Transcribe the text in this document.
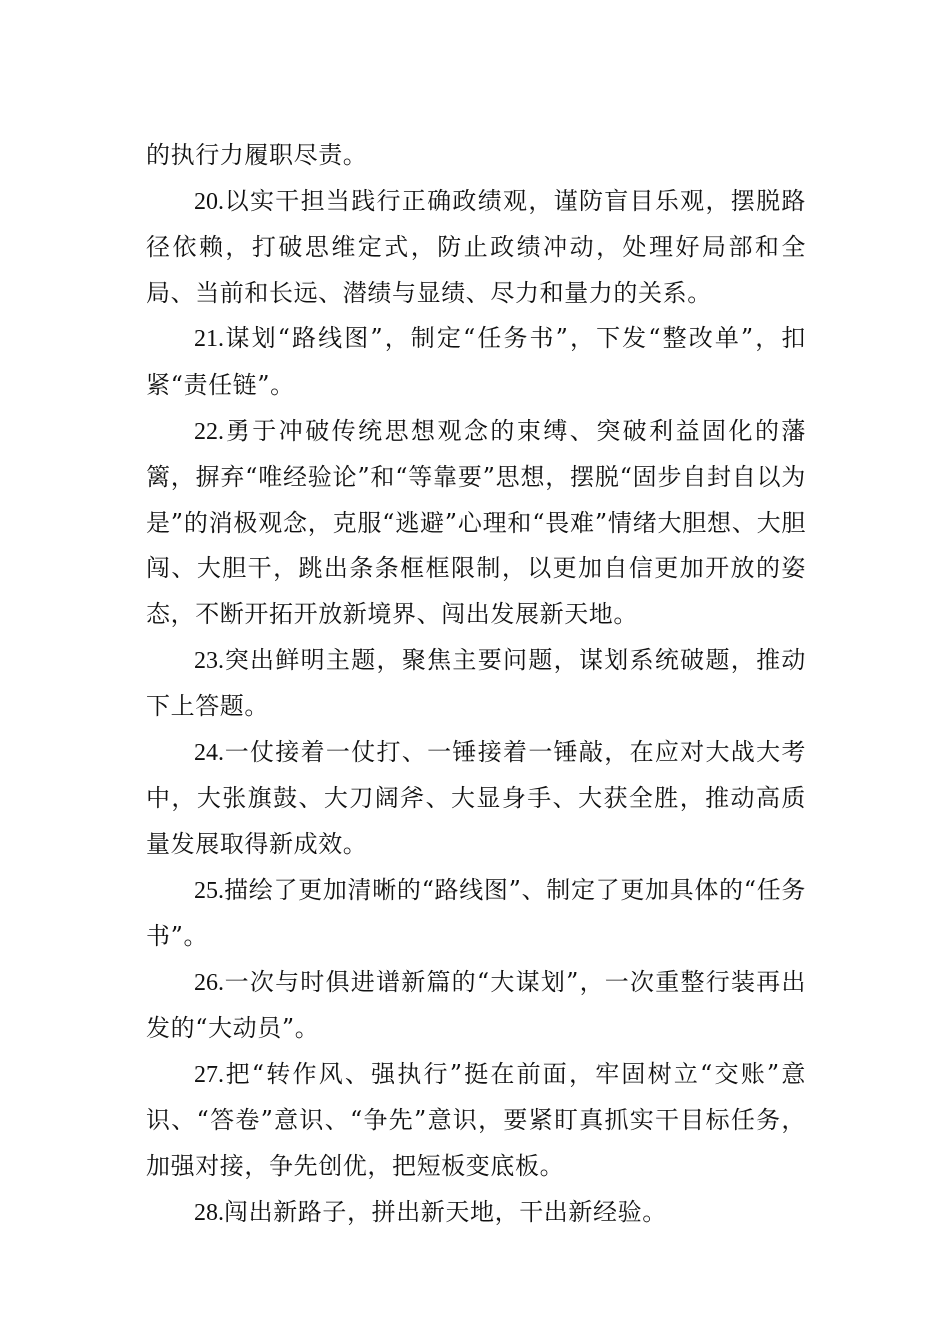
的执行力履职尽责。

20.以实干担当践行正确政绩观，谨防盲目乐观，摆脱路径依赖，打破思维定式，防止政绩冲动，处理好局部和全局、当前和长远、潜绩与显绩、尽力和量力的关系。

21.谋划“路线图”，制定“任务书”，下发“整改单”，扣紧“责任链”。

22.勇于冲破传统思想观念的束缚、突破利益固化的藩篱，摒弃“唯经验论”和“等靠要”思想，摆脱“固步自封自以为是”的消极观念，克服“逃避”心理和“畏难”情绪大胆想、大胆闯、大胆干，跳出条条框框限制，以更加自信更加开放的姿态，不断开拓开放新境界、闯出发展新天地。

23.突出鲜明主题，聚焦主要问题，谋划系统破题，推动下上答题。

24.一仗接着一仗打、一锤接着一锤敲，在应对大战大考中，大张旗鼓、大刀阔斧、大显身手、大获全胜，推动高质量发展取得新成效。

25.描绘了更加清晰的“路线图”、制定了更加具体的“任务书”。

26.一次与时俱进谱新篇的“大谋划”，一次重整行装再出发的“大动员”。

27.把“转作风、强执行”挺在前面，牢固树立“交账”意识、“答卷”意识、“争先”意识，要紧盯真抓实干目标任务，加强对接，争先创优，把短板变底板。

28.闯出新路子，拼出新天地，干出新经验。
